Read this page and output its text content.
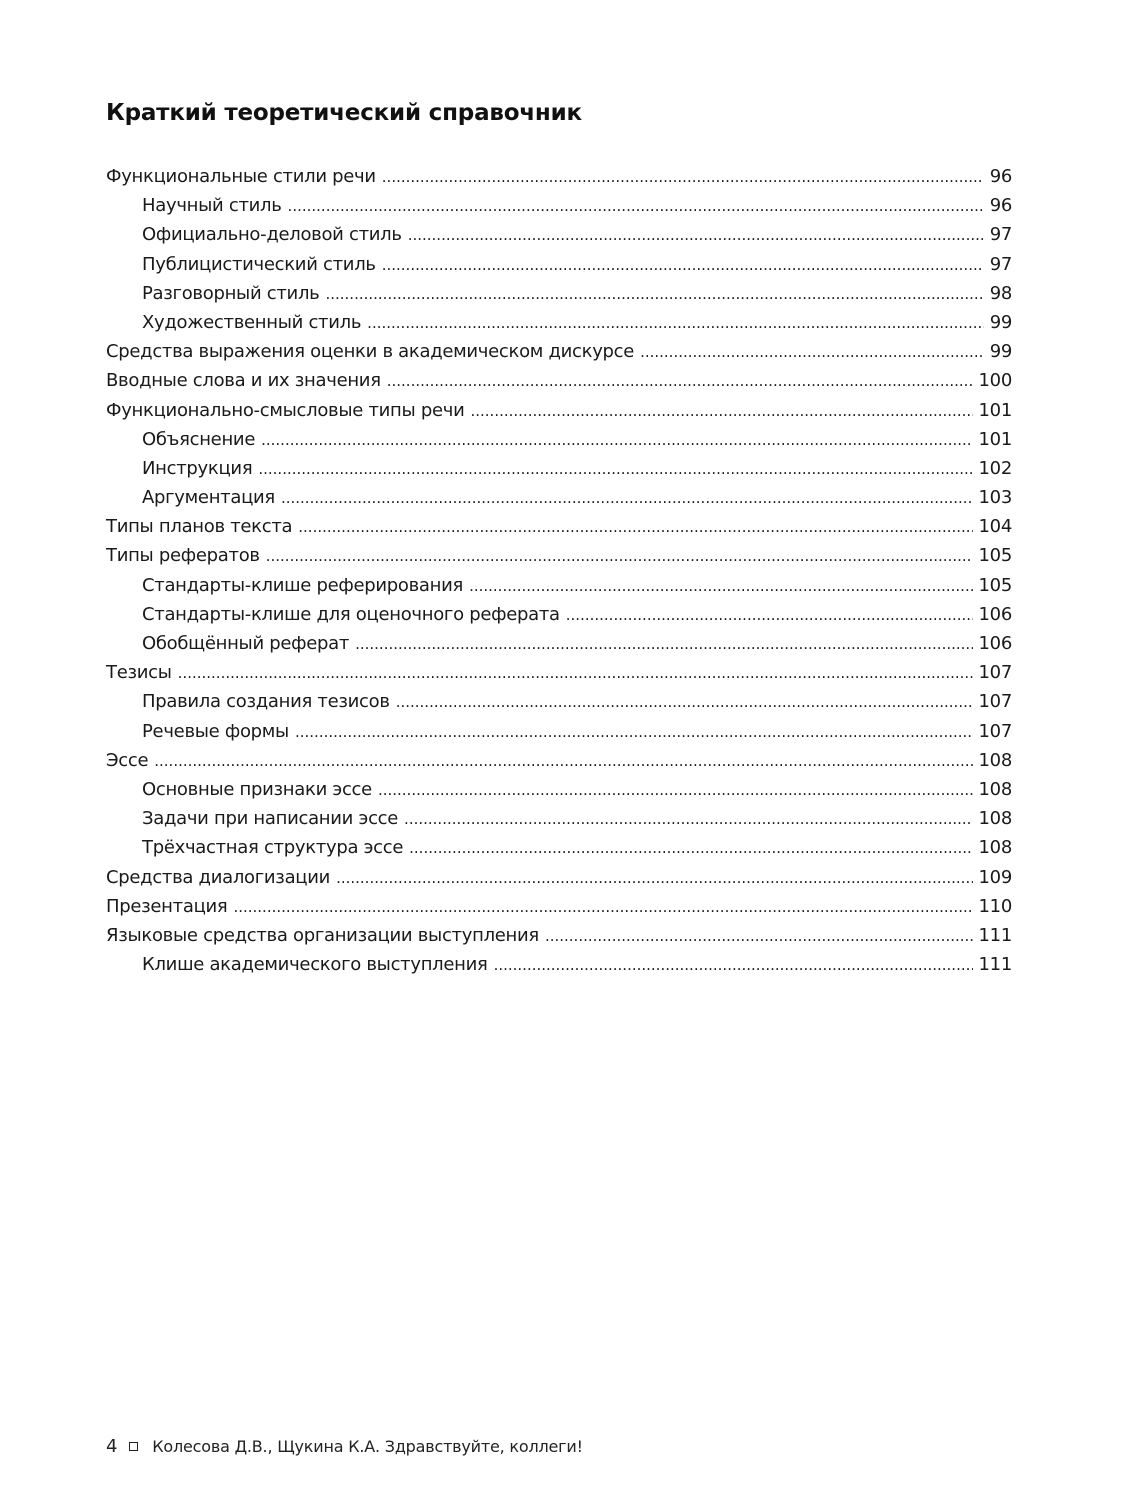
Краткий теоретический справочник
Функциональные стили речи .....	96
Научный стиль .....	96
Официально-деловой стиль .....	97
Публицистический стиль .....	97
Разговорный стиль .....	98
Художественный стиль .....	99
Средства выражения оценки в академическом дискурсе .....	99
Вводные слова и их значения .....	100
Функционально-смысловые типы речи .....	101
Объяснение .....	101
Инструкция .....	102
Аргументация .....	103
Типы планов текста .....	104
Типы рефератов .....	105
Стандарты-клише реферирования .....	105
Стандарты-клише для оценочного реферата .....	106
Обобщённый реферат .....	106
Тезисы .....	107
Правила создания тезисов .....	107
Речевые формы .....	107
Эссе .....	108
Основные признаки эссе .....	108
Задачи при написании эссе .....	108
Трёхчастная структура эссе .....	108
Средства диалогизации .....	109
Презентация .....	110
Языковые средства организации выступления .....	111
Клише академического выступления .....	111
4 Колесова Д.В., Щукина К.А. Здравствуйте, коллеги!
